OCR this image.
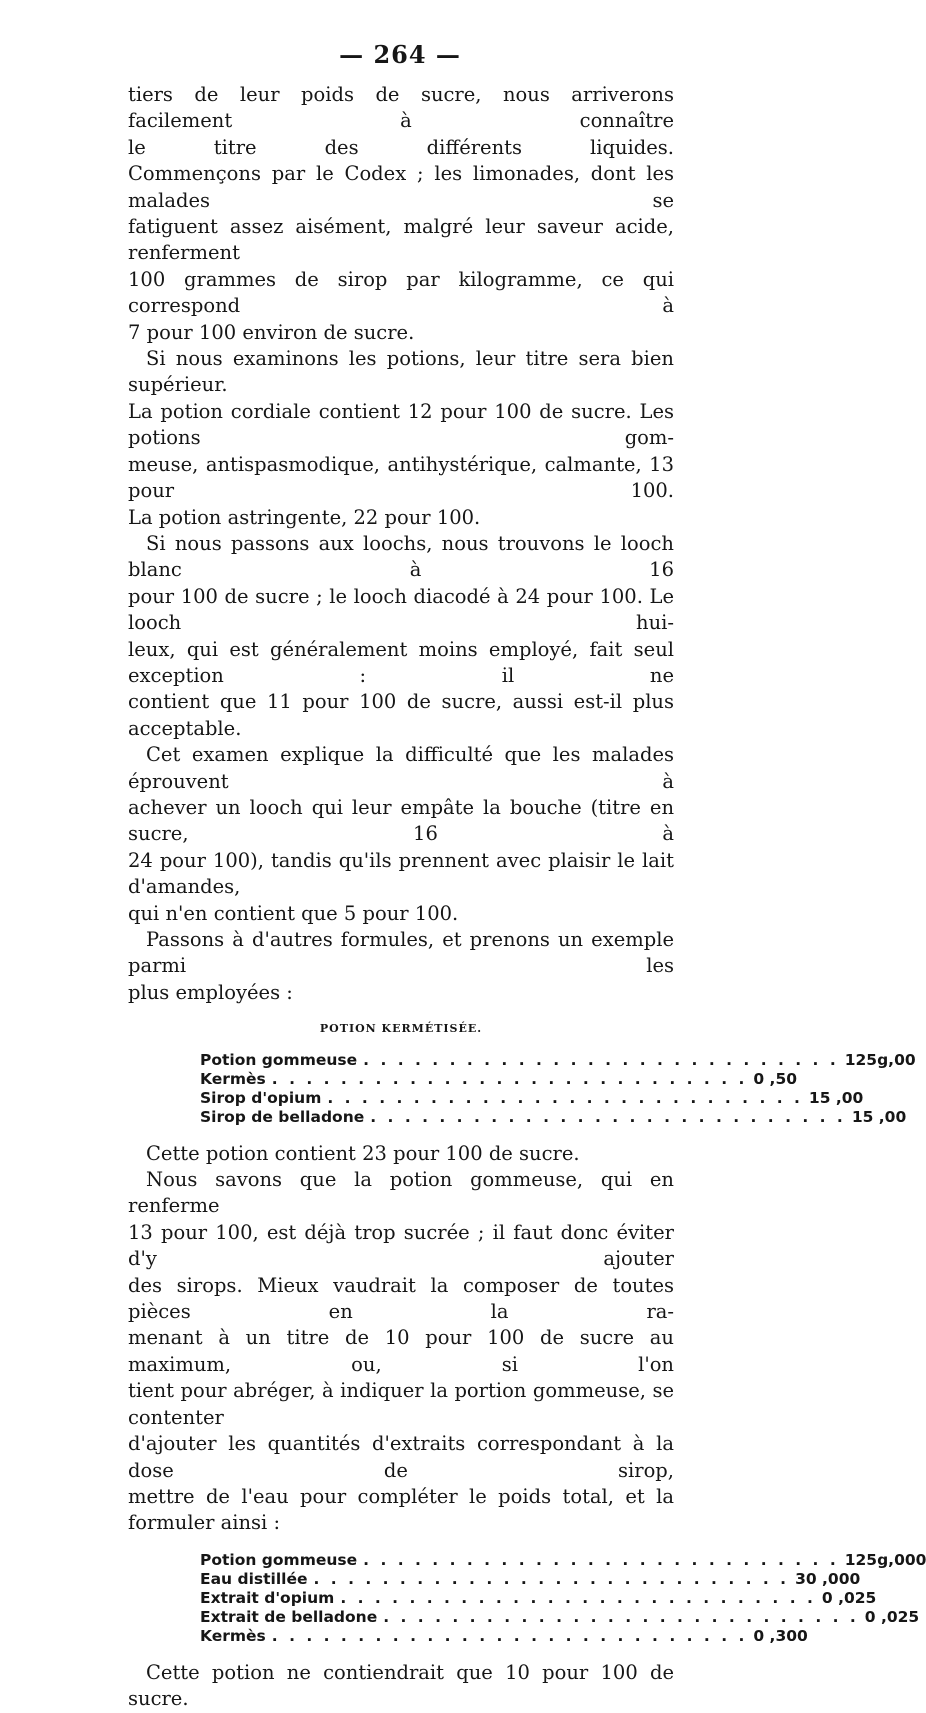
— 264 —

tiers de leur poids de sucre, nous arriverons facilement à connaître
le titre des différents liquides.
Commençons par le Codex ; les limonades, dont les malades se
fatiguent assez aisément, malgré leur saveur acide, renferment
100 grammes de sirop par kilogramme, ce qui correspond à
7 pour 100 environ de sucre.

Si nous examinons les potions, leur titre sera bien supérieur.
La potion cordiale contient 12 pour 100 de sucre. Les potions gom-
meuse, antispasmodique, antihystérique, calmante, 13 pour 100.
La potion astringente, 22 pour 100.

Si nous passons aux loochs, nous trouvons le looch blanc à 16
pour 100 de sucre ; le looch diacodé à 24 pour 100. Le looch hui-
leux, qui est généralement moins employé, fait seul exception : il ne
contient que 11 pour 100 de sucre, aussi est-il plus acceptable.

Cet examen explique la difficulté que les malades éprouvent à
achever un looch qui leur empâte la bouche (titre en sucre, 16 à
24 pour 100), tandis qu'ils prennent avec plaisir le lait d'amandes,
qui n'en contient que 5 pour 100.

Passons à d'autres formules, et prenons un exemple parmi les
plus employées :

POTION KERMÉTISÉE.
Potion gommeuse . . . . . . . . . . . . . . . . . . . . . . . . . . . . 125g,00
Kermès . . . . . . . . . . . . . . . . . . . . . . . . . . . . 0 ,50
Sirop d'opium . . . . . . . . . . . . . . . . . . . . . . . . . . . . 15 ,00
Sirop de belladone . . . . . . . . . . . . . . . . . . . . . . . . . . . . 15 ,00

Cette potion contient 23 pour 100 de sucre.

Nous savons que la potion gommeuse, qui en renferme
13 pour 100, est déjà trop sucrée ; il faut donc éviter d'y ajouter
des sirops. Mieux vaudrait la composer de toutes pièces en la ra-
menant à un titre de 10 pour 100 de sucre au maximum, ou, si l'on
tient pour abréger, à indiquer la portion gommeuse, se contenter
d'ajouter les quantités d'extraits correspondant à la dose de sirop,
mettre de l'eau pour compléter le poids total, et la formuler ainsi :

Potion gommeuse . . . . . . . . . . . . . . . . . . . . . . . . . . . . 125g,000
Eau distillée . . . . . . . . . . . . . . . . . . . . . . . . . . . . 30 ,000
Extrait d'opium . . . . . . . . . . . . . . . . . . . . . . . . . . . . 0 ,025
Extrait de belladone . . . . . . . . . . . . . . . . . . . . . . . . . . . . 0 ,025
Kermès . . . . . . . . . . . . . . . . . . . . . . . . . . . . 0 ,300

Cette potion ne contiendrait que 10 pour 100 de sucre.
